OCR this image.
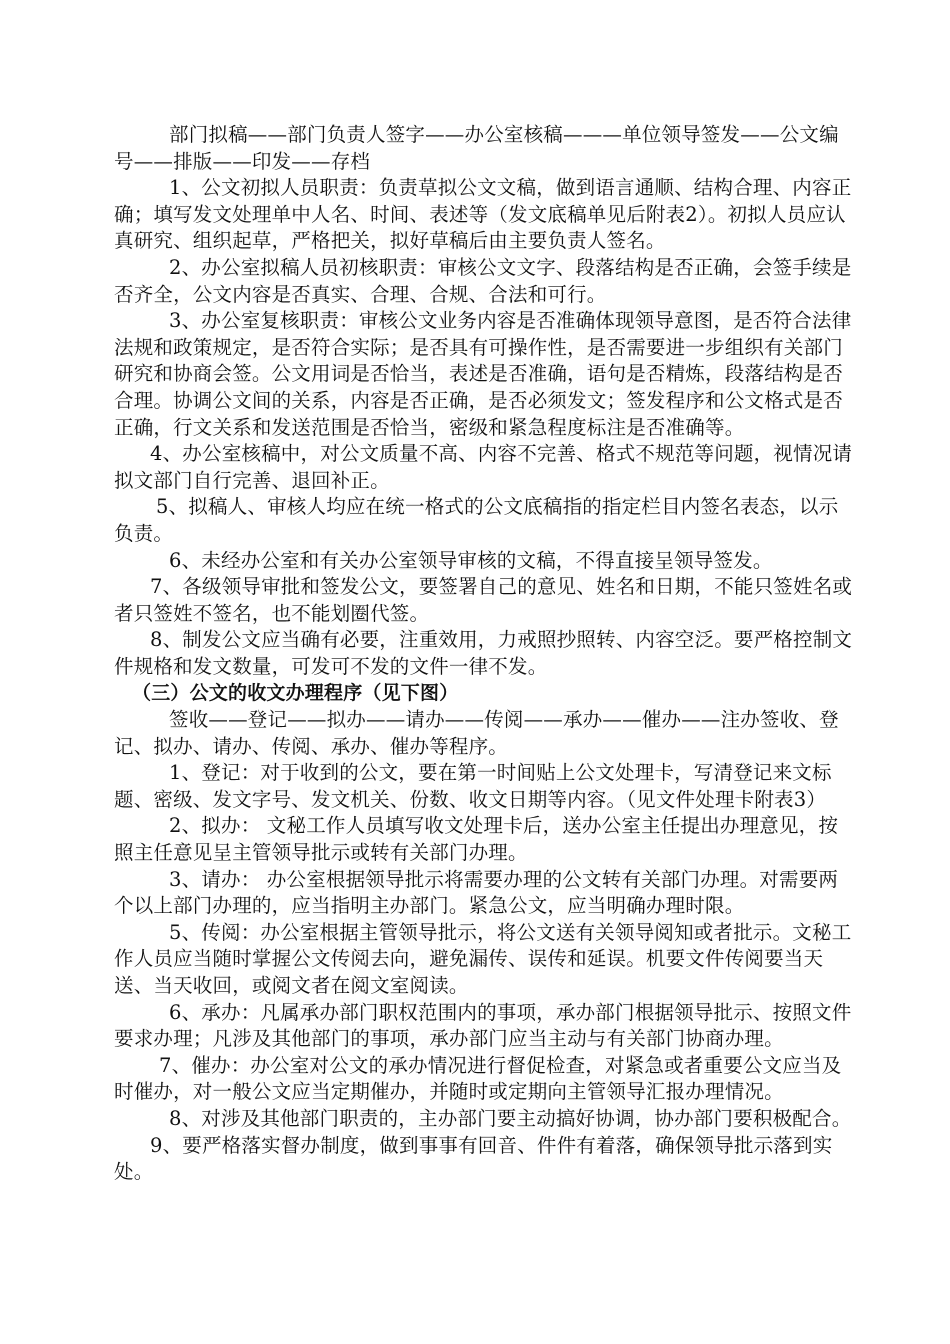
部门拟稿——部门负责人签字——办公室核稿———单位领导签发——公文编号——排版——印发——存档

1、公文初拟人员职责：负责草拟公文文稿，做到语言通顺、结构合理、内容正确；填写发文处理单中人名、时间、表述等（发文底稿单见后附表2）。初拟人员应认真研究、组织起草，严格把关，拟好草稿后由主要负责人签名。

2、办公室拟稿人员初核职责：审核公文文字、段落结构是否正确，会签手续是否齐全，公文内容是否真实、合理、合规、合法和可行。

3、办公室复核职责：审核公文业务内容是否准确体现领导意图，是否符合法律法规和政策规定，是否符合实际；是否具有可操作性，是否需要进一步组织有关部门研究和协商会签。公文用词是否恰当，表述是否准确，语句是否精炼，段落结构是否合理。协调公文间的关系，内容是否正确，是否必须发文；签发程序和公文格式是否正确，行文关系和发送范围是否恰当，密级和紧急程度标注是否准确等。

4、办公室核稿中，对公文质量不高、内容不完善、格式不规范等问题，视情况请拟文部门自行完善、退回补正。

5、拟稿人、审核人均应在统一格式的公文底稿指的指定栏目内签名表态，以示负责。

6、未经办公室和有关办公室领导审核的文稿，不得直接呈领导签发。

7、各级领导审批和签发公文，要签署自己的意见、姓名和日期，不能只签姓名或者只签姓不签名，也不能划圈代签。

8、制发公文应当确有必要，注重效用，力戒照抄照转、内容空泛。要严格控制文件规格和发文数量，可发可不发的文件一律不发。

（三）公文的收文办理程序（见下图）

签收——登记——拟办——请办——传阅——承办——催办——注办签收、登记、拟办、请办、传阅、承办、催办等程序。

1、登记：对于收到的公文，要在第一时间贴上公文处理卡，写清登记来文标题、密级、发文字号、发文机关、份数、收文日期等内容。（见文件处理卡附表3）

2、拟办： 文秘工作人员填写收文处理卡后，送办公室主任提出办理意见，按照主任意见呈主管领导批示或转有关部门办理。

3、请办： 办公室根据领导批示将需要办理的公文转有关部门办理。对需要两个以上部门办理的，应当指明主办部门。紧急公文，应当明确办理时限。

5、传阅：办公室根据主管领导批示，将公文送有关领导阅知或者批示。文秘工作人员应当随时掌握公文传阅去向，避免漏传、误传和延误。机要文件传阅要当天送、当天收回，或阅文者在阅文室阅读。

6、承办：凡属承办部门职权范围内的事项，承办部门根据领导批示、按照文件要求办理；凡涉及其他部门的事项，承办部门应当主动与有关部门协商办理。

7、催办：办公室对公文的承办情况进行督促检查，对紧急或者重要公文应当及时催办，对一般公文应当定期催办，并随时或定期向主管领导汇报办理情况。

8、对涉及其他部门职责的，主办部门要主动搞好协调，协办部门要积极配合。

9、要严格落实督办制度，做到事事有回音、件件有着落，确保领导批示落到实处。
